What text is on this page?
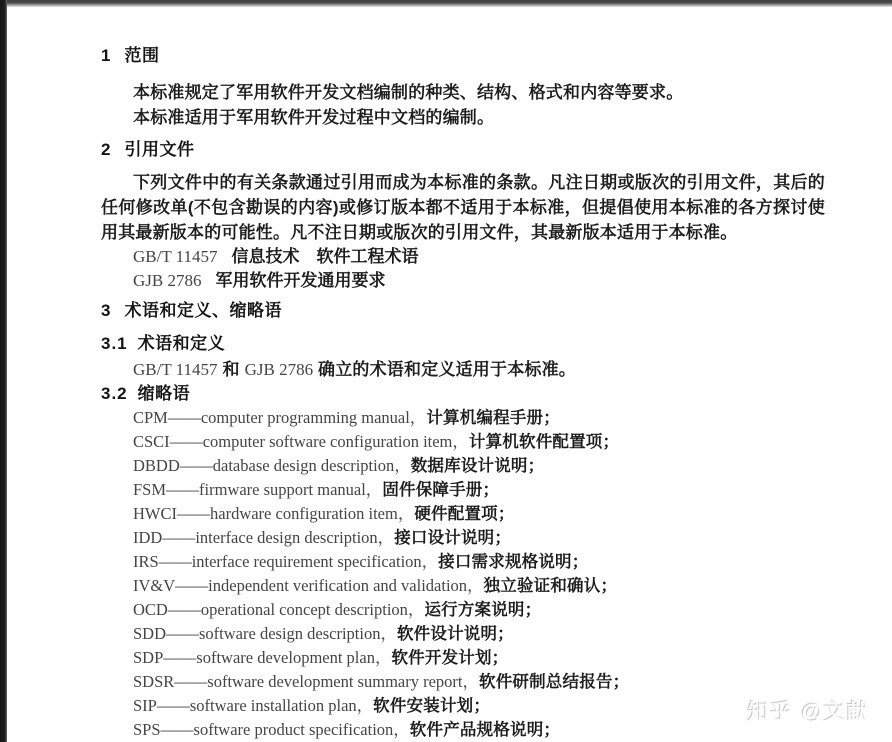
1 范围

本标准规定了军用软件开发文档编制的种类、结构、格式和内容等要求。

本标准适用于军用软件开发过程中文档的编制。

2 引用文件

下列文件中的有关条款通过引用而成为本标准的条款。凡注日期或版次的引用文件，其后的任何修改单(不包含勘误的内容)或修订版本都不适用于本标准，但提倡使用本标准的各方探讨使用其最新版本的可能性。凡不注日期或版次的引用文件，其最新版本适用于本标准。

GB/T 11457 信息技术　软件工程术语

GJB 2786 军用软件开发通用要求

3 术语和定义、缩略语
3.1 术语和定义

GB/T 11457 和 GJB 2786 确立的术语和定义适用于本标准。

3.2 缩略语

CPM——computer programming manual，计算机编程手册；

CSCI——computer software configuration item，计算机软件配置项；

DBDD——database design description，数据库设计说明；

FSM——firmware support manual，固件保障手册；

HWCI——hardware configuration item，硬件配置项；

IDD——interface design description，接口设计说明；

IRS——interface requirement specification，接口需求规格说明；

IV&V——independent verification and validation，独立验证和确认；

OCD——operational concept description，运行方案说明；

SDD——software design description，软件设计说明；

SDP——software development plan，软件开发计划；

SDSR——software development summary report，软件研制总结报告；

SIP——software installation plan，软件安装计划；

SPS——software product specification，软件产品规格说明；

知乎 @文献
